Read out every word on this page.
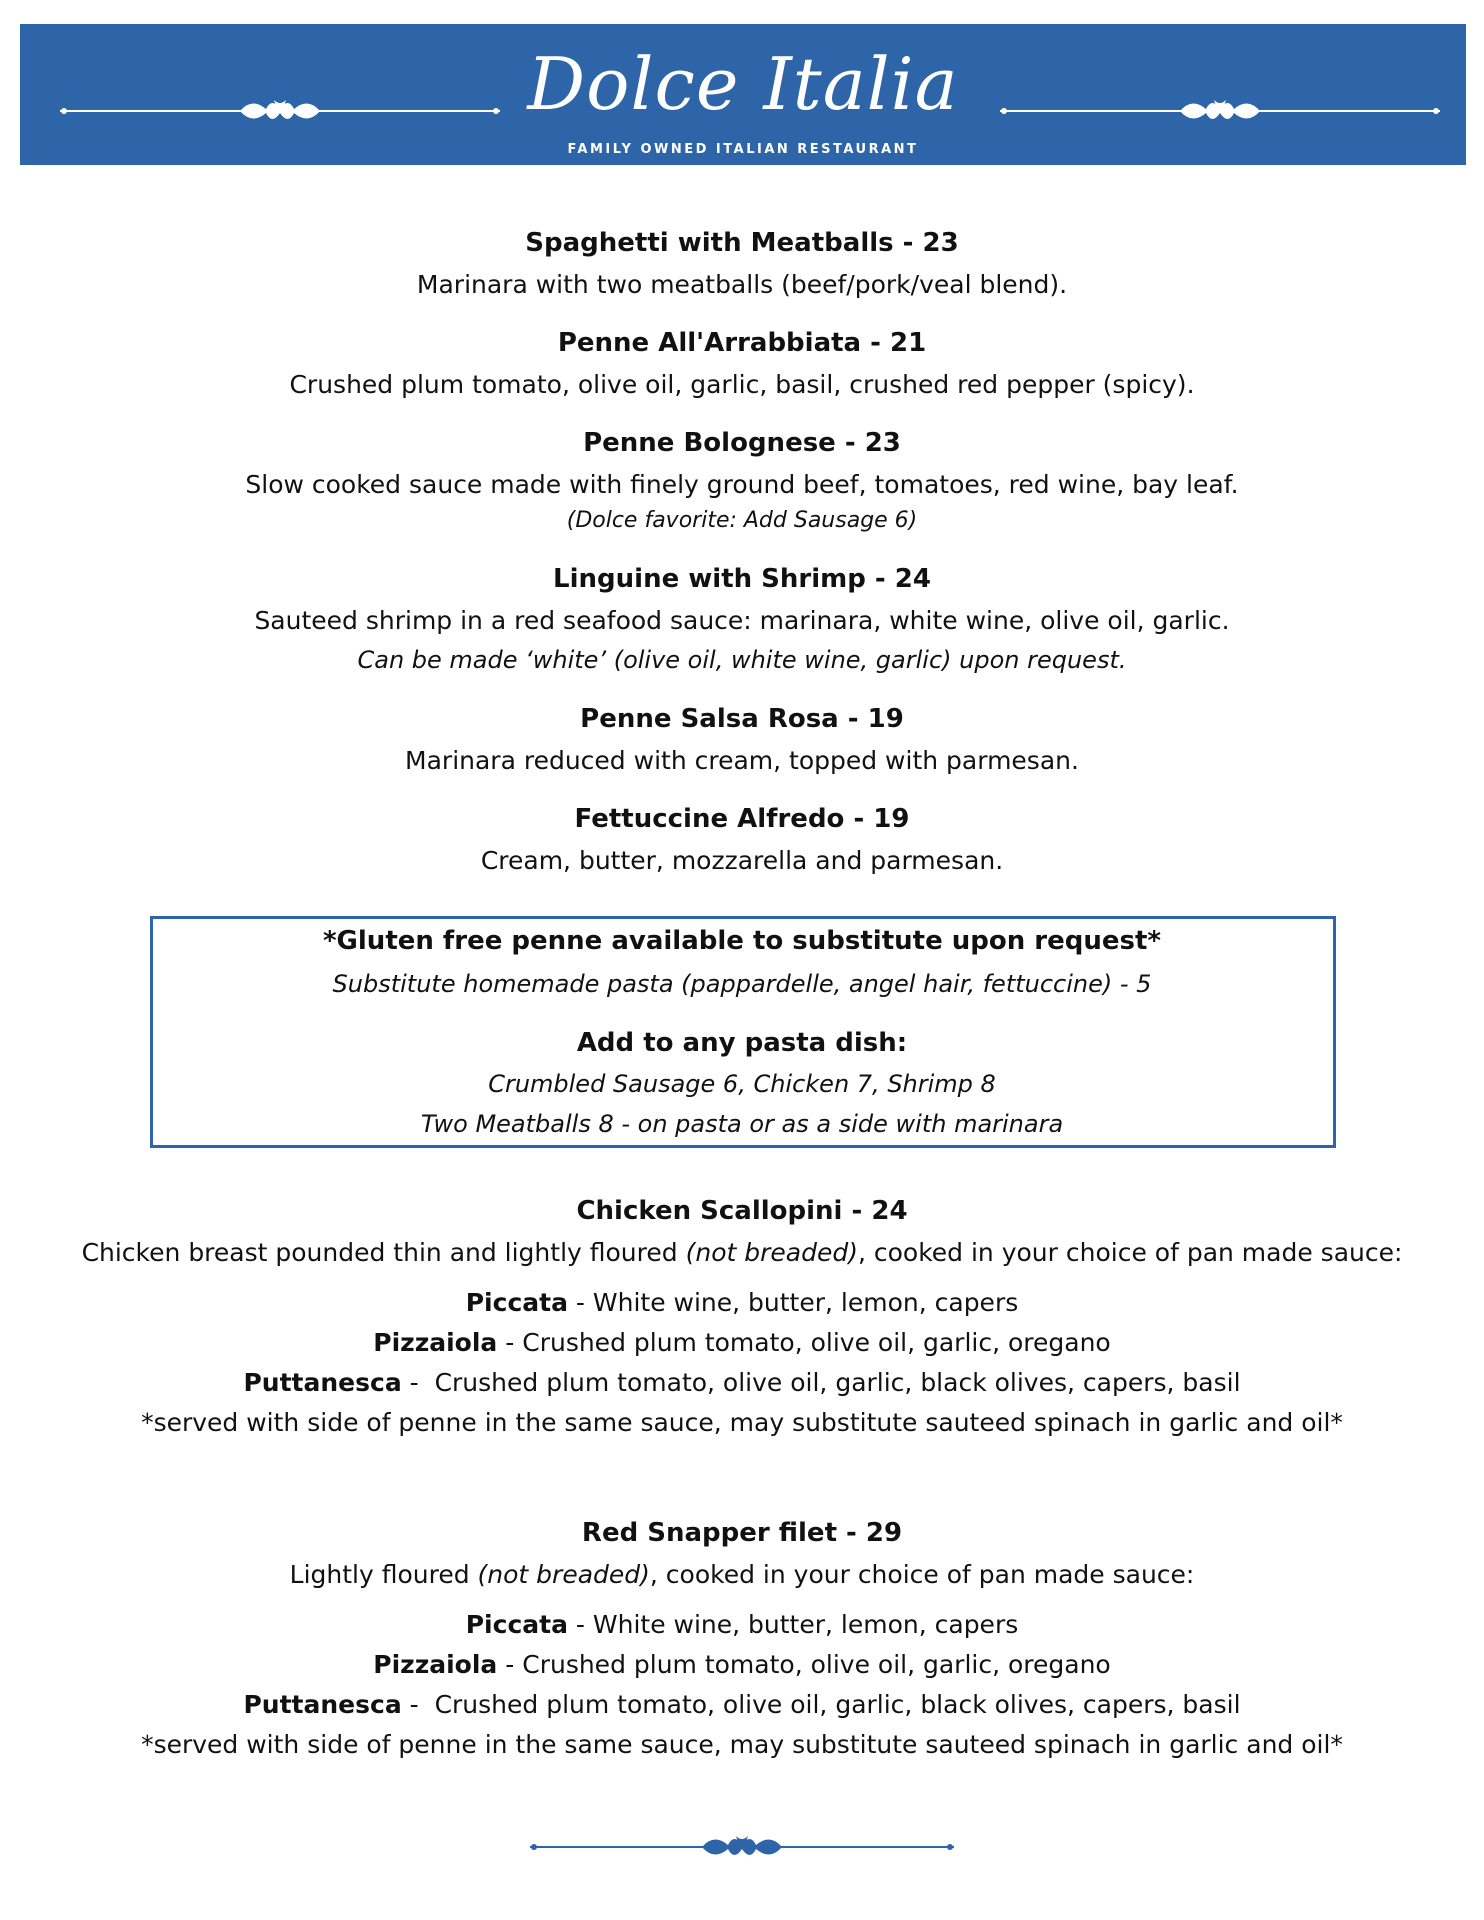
Dolce Italia
FAMILY OWNED ITALIAN RESTAURANT
Spaghetti with Meatballs - 23
Marinara with two meatballs (beef/pork/veal blend).
Penne All'Arrabbiata - 21
Crushed plum tomato, olive oil, garlic, basil, crushed red pepper (spicy).
Penne Bolognese - 23
Slow cooked sauce made with finely ground beef, tomatoes, red wine, bay leaf.
(Dolce favorite: Add Sausage 6)
Linguine with Shrimp - 24
Sauteed shrimp in a red seafood sauce: marinara, white wine, olive oil, garlic.
Can be made ‘white’ (olive oil, white wine, garlic) upon request.
Penne Salsa Rosa - 19
Marinara reduced with cream, topped with parmesan.
Fettuccine Alfredo - 19
Cream, butter, mozzarella and parmesan.
*Gluten free penne available to substitute upon request*
Substitute homemade pasta (pappardelle, angel hair, fettuccine) - 5
Add to any pasta dish:
Crumbled Sausage 6, Chicken 7, Shrimp 8
Two Meatballs 8 - on pasta or as a side with marinara
Chicken Scallopini - 24
Chicken breast pounded thin and lightly floured (not breaded), cooked in your choice of pan made sauce:
Piccata - White wine, butter, lemon, capers
Pizzaiola - Crushed plum tomato, olive oil, garlic, oregano
Puttanesca -  Crushed plum tomato, olive oil, garlic, black olives, capers, basil
*served with side of penne in the same sauce, may substitute sauteed spinach in garlic and oil*
Red Snapper filet - 29
Lightly floured (not breaded), cooked in your choice of pan made sauce:
Piccata - White wine, butter, lemon, capers
Pizzaiola - Crushed plum tomato, olive oil, garlic, oregano
Puttanesca -  Crushed plum tomato, olive oil, garlic, black olives, capers, basil
*served with side of penne in the same sauce, may substitute sauteed spinach in garlic and oil*
